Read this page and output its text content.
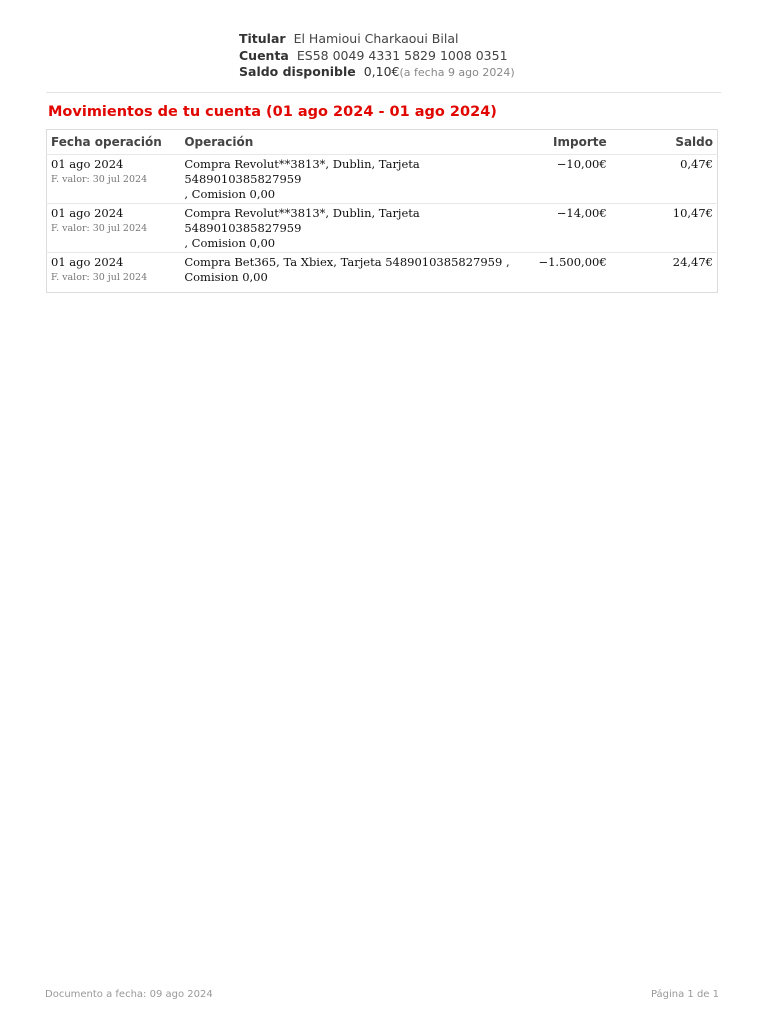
Titular El Hamioui Charkaoui Bilal
Cuenta ES58 0049 4331 5829 1008 0351
Saldo disponible 0,10€(a fecha 9 ago 2024)
Movimientos de tu cuenta (01 ago 2024 - 01 ago 2024)
Fecha operación	Operación	Importe	Saldo
01 ago 2024
F. valor: 30 jul 2024	Compra Revolut**3813*, Dublin, Tarjeta 5489010385827959
, Comision 0,00	−10,00€	0,47€
01 ago 2024
F. valor: 30 jul 2024	Compra Revolut**3813*, Dublin, Tarjeta 5489010385827959
, Comision 0,00	−14,00€	10,47€
01 ago 2024
F. valor: 30 jul 2024	Compra Bet365, Ta Xbiex, Tarjeta 5489010385827959 ,
Comision 0,00	−1.500,00€	24,47€
Documento a fecha: 09 ago 2024	Página 1 de 1
